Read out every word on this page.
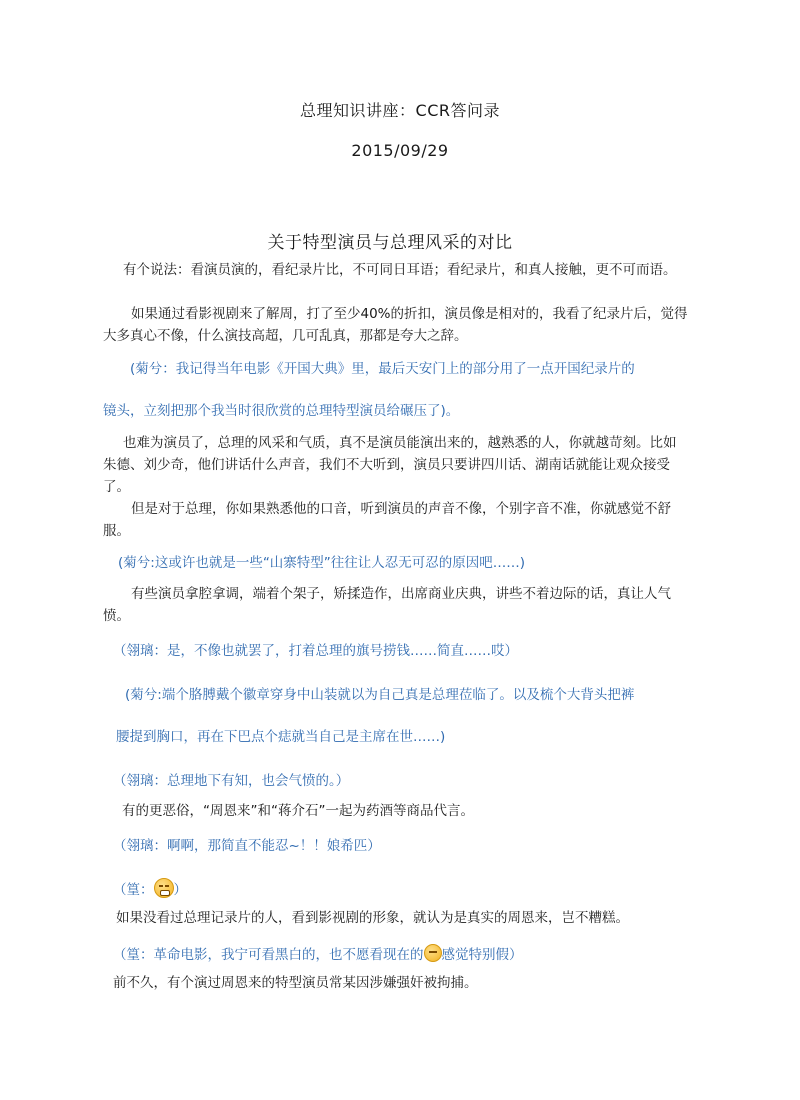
总理知识讲座：CCR答问录
2015/09/29
关于特型演员与总理风采的对比
有个说法：看演员演的，看纪录片比，不可同日耳语；看纪录片，和真人接触，更不可而语。
如果通过看影视剧来了解周，打了至少40%的折扣，演员像是相对的，我看了纪录片后，觉得大多真心不像，什么演技高超，几可乱真，那都是夸大之辞。
(菊兮：我记得当年电影《开国大典》里，最后天安门上的部分用了一点开国纪录片的
镜头，立刻把那个我当时很欣赏的总理特型演员给碾压了)。
也难为演员了，总理的风采和气质，真不是演员能演出来的，越熟悉的人，你就越苛刻。比如朱德、刘少奇，他们讲话什么声音，我们不大听到，演员只要讲四川话、湖南话就能让观众接受了。
但是对于总理，你如果熟悉他的口音，听到演员的声音不像，个别字音不准，你就感觉不舒服。
(菊兮:这或许也就是一些“山寨特型”往往让人忍无可忍的原因吧……)
有些演员拿腔拿调，端着个架子，矫揉造作，出席商业庆典，讲些不着边际的话，真让人气愤。
（翎璃：是，不像也就罢了，打着总理的旗号捞钱……简直……哎）
(菊兮:端个胳膊戴个徽章穿身中山装就以为自己真是总理莅临了。以及梳个大背头把裤
腰提到胸口，再在下巴点个痣就当自己是主席在世……)
（翎璃：总理地下有知，也会气愤的。）
有的更恶俗，“周恩来”和“蒋介石”一起为药酒等商品代言。
（翎璃：啊啊，那简直不能忍~！！娘希匹）
（篁： ）
如果没看过总理记录片的人，看到影视剧的形象，就认为是真实的周恩来，岂不糟糕。
（篁：革命电影，我宁可看黑白的，也不愿看现在的 感觉特别假）
前不久，有个演过周恩来的特型演员常某因涉嫌强奸被拘捕。
